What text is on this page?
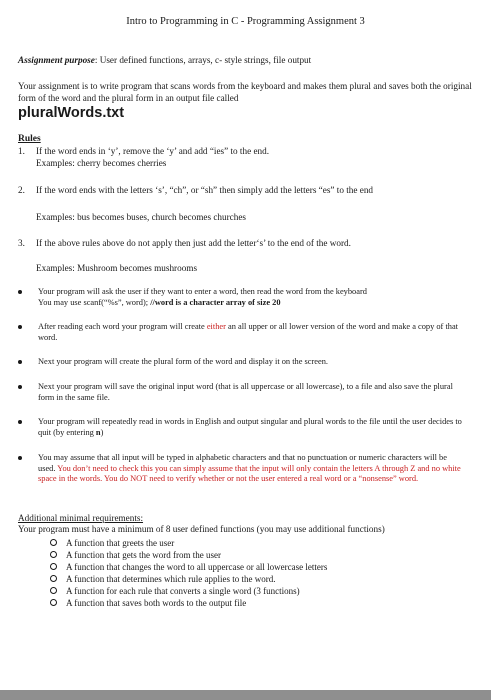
Intro to Programming in C - Programming Assignment 3
Assignment purpose: User defined functions, arrays, c- style strings, file output
Your assignment is to write program that scans words from the keyboard and makes them plural and saves both the original form of the word and the plural form in an output file called
pluralWords.txt
Rules
1. If the word ends in ‘y’, remove the ‘y’ and add “ies” to the end.
Examples: cherry becomes cherries
2. If the word ends with the letters ‘s’, “ch”, or “sh” then simply add the letters “es” to the end
Examples: bus becomes buses, church becomes churches
3. If the above rules above do not apply then just add the letter‘s’ to the end of the word.
Examples: Mushroom becomes mushrooms
Your program will ask the user if they want to enter a word, then read the word from the keyboard
You may use scanf(“%s”, word); //word is a character array of size 20
After reading each word your program will create either an all upper or all lower version of the word and make a copy of that word.
Next your program will create the plural form of the word and display it on the screen.
Next your program will save the original input word (that is all uppercase or all lowercase), to a file and also save the plural form in the same file.
Your program will repeatedly read in words in English and output singular and plural words to the file until the user decides to quit (by entering n)
You may assume that all input will be typed in alphabetic characters and that no punctuation or numeric characters will be used. You don’t need to check this you can simply assume that the input will only contain the letters A through Z and no white space in the words. You do NOT need to verify whether or not the user entered a real word or a “nonsense” word.
Additional minimal requirements:
Your program must have a minimum of 8 user defined functions (you may use additional functions)
A function that greets the user
A function that gets the word from the user
A function that changes the word to all uppercase or all lowercase letters
A function that determines which rule applies to the word.
A function for each rule that converts a single word (3 functions)
A function that saves both words to the output file
